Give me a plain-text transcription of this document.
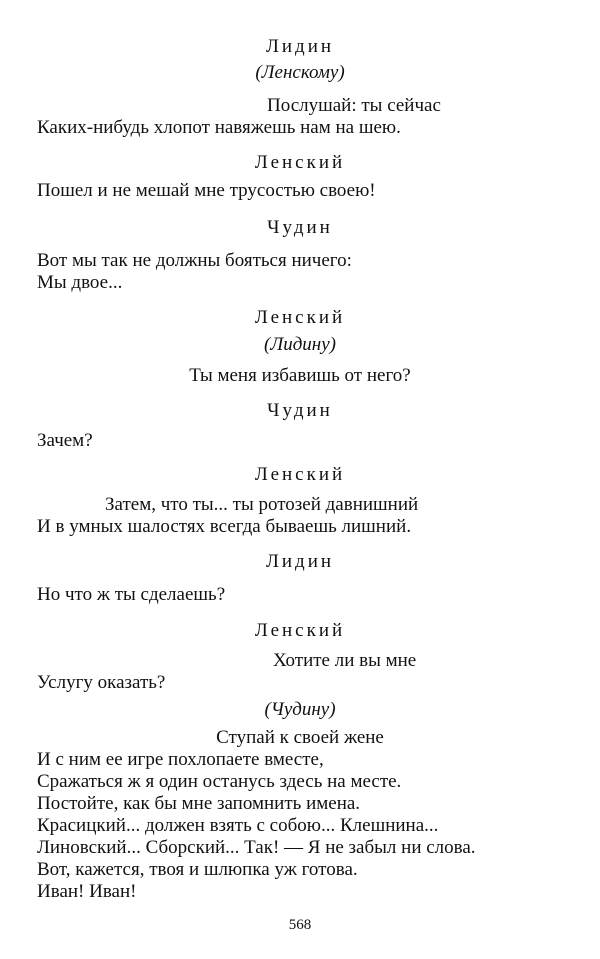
Лидин
(Ленскому)
Послушай: ты сейчас
Каких-нибудь хлопот навяжешь нам на шею.
Ленский
Пошел и не мешай мне трусостью своею!
Чудин
Вот мы так не должны бояться ничего:
Мы двое...
Ленский
(Лидину)
Ты меня избавишь от него?
Чудин
Зачем?
Ленский
Затем, что ты... ты ротозей давнишний
И в умных шалостях всегда бываешь лишний.
Лидин
Но что ж ты сделаешь?
Ленский
Хотите ли вы мне
Услугу оказать?
(Чудину)
Ступай к своей жене
И с ним ее игре похлопаете вместе,
Сражаться ж я один останусь здесь на месте.
Постойте, как бы мне запомнить имена.
Красицкий... должен взять с собою... Клешнина...
Линовский... Сборский... Так! — Я не забыл ни слова.
Вот, кажется, твоя и шлюпка уж готова.
Иван! Иван!
568
